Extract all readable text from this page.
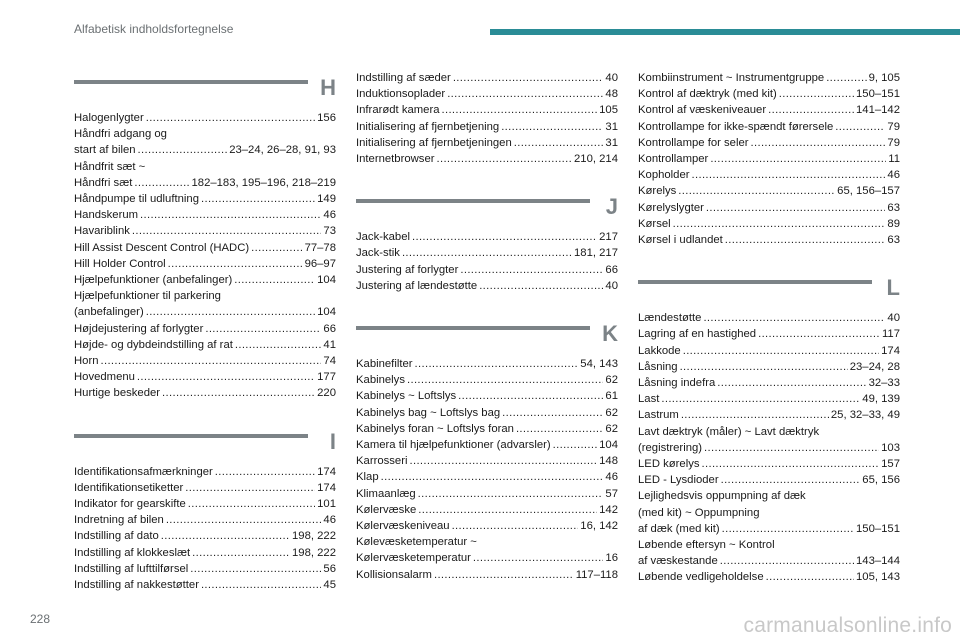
Alfabetisk indholdsfortegnelse
H
Halogenlygter . . .	156
Håndfri adgang og
start af bilen . . .	23–24, 26–28, 91, 93
Håndfrit sæt ~
Håndfri sæt . . .	182–183, 195–196, 218–219
Håndpumpe til udluftning . . .	149
Handskerum . . .	46
Havariblink . . .	73
Hill Assist Descent Control (HADC) . . .	77–78
Hill Holder Control . . .	96–97
Hjælpefunktioner (anbefalinger) . . .	104
Hjælpefunktioner til parkering
(anbefalinger) . . .	104
Højdejustering af forlygter . . .	66
Højde- og dybdeindstilling af rat . . .	41
Horn . . .	74
Hovedmenu . . .	177
Hurtige beskeder . . .	220
I
Identifikationsafmærkninger . . .	174
Identifikationsetiketter . . .	174
Indikator for gearskifte . . .	101
Indretning af bilen . . .	46
Indstilling af dato . . .	198, 222
Indstilling af klokkeslæt . . .	198, 222
Indstilling af lufttilførsel . . .	56
Indstilling af nakkestøtter . . .	45
Indstilling af sæder . . .	40
Induktionsoplader . . .	48
Infrarødt kamera . . .	105
Initialisering af fjernbetjening . . .	31
Initialisering af fjernbetjeningen . . .	31
Internetbrowser . . .	210, 214
J
Jack-kabel . . .	217
Jack-stik . . .	181, 217
Justering af forlygter . . .	66
Justering af lændestøtte . . .	40
K
Kabinefilter . . .	54, 143
Kabinelys . . .	62
Kabinelys ~ Loftslys . . .	61
Kabinelys bag ~ Loftslys bag . . .	62
Kabinelys foran ~ Loftslys foran . . .	62
Kamera til hjælpefunktioner (advarsler) . . .	104
Karrosseri . . .	148
Klap . . .	46
Klimaanlæg . . .	57
Kølervæske . . .	142
Kølervæskeniveau . . .	16, 142
Kølevæsketemperatur ~
Kølervæsketemperatur . . .	16
Kollisionsalarm . . .	117–118
Kombiinstrument ~ Instrumentgruppe . . .	9, 105
Kontrol af dæktryk (med kit) . . .	150–151
Kontrol af væskeniveauer . . .	141–142
Kontrollampe for ikke-spændt førersele . . .	79
Kontrollampe for seler . . .	79
Kontrollamper . . .	11
Kopholder . . .	46
Kørelys . . .	65, 156–157
Kørelyslygter . . .	63
Kørsel . . .	89
Kørsel i udlandet . . .	63
L
Lændestøtte . . .	40
Lagring af en hastighed . . .	117
Lakkode . . .	174
Låsning . . .	23–24, 28
Låsning indefra . . .	32–33
Last . . .	49, 139
Lastrum . . .	25, 32–33, 49
Lavt dæktryk (måler) ~ Lavt dæktryk
(registrering) . . .	103
LED kørelys . . .	157
LED - Lysdioder . . .	65, 156
Lejlighedsvis oppumpning af dæk
(med kit) ~ Oppumpning
af dæk (med kit) . . .	150–151
Løbende eftersyn ~ Kontrol
af væskestande . . .	143–144
Løbende vedligeholdelse . . .	105, 143
228	carmanualsonline.info
